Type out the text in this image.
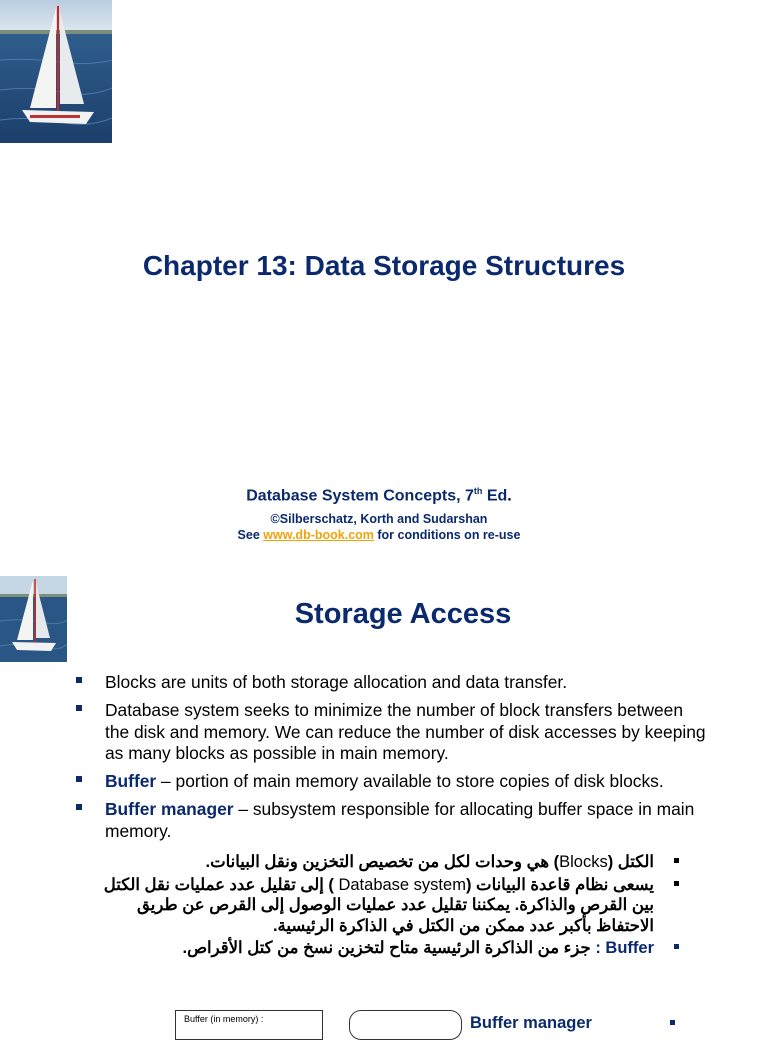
Chapter 13: Data Storage Structures
Database System Concepts, 7th Ed.
©Silberschatz, Korth and Sudarshan
See www.db-book.com for conditions on re-use
Storage Access
Blocks are units of both storage allocation and data transfer.
Database system seeks to minimize the number of block transfers between the disk and memory. We can reduce the number of disk accesses by keeping as many blocks as possible in main memory.
Buffer – portion of main memory available to store copies of disk blocks.
Buffer manager – subsystem responsible for allocating buffer space in main memory.
الكتل (Blocks) هي وحدات لكل من تخصيص التخزين ونقل البيانات.
يسعى نظام قاعدة البيانات (Database system ) إلى تقليل عدد عمليات نقل الكتل بين القرص والذاكرة. يمكننا تقليل عدد عمليات الوصول إلى القرص عن طريق الاحتفاظ بأكبر عدد ممكن من الكتل في الذاكرة الرئيسية.
Buffer : جزء من الذاكرة الرئيسية متاح لتخزين نسخ من كتل الأقراص.
Buffer (in memory) :	Buffer manager
